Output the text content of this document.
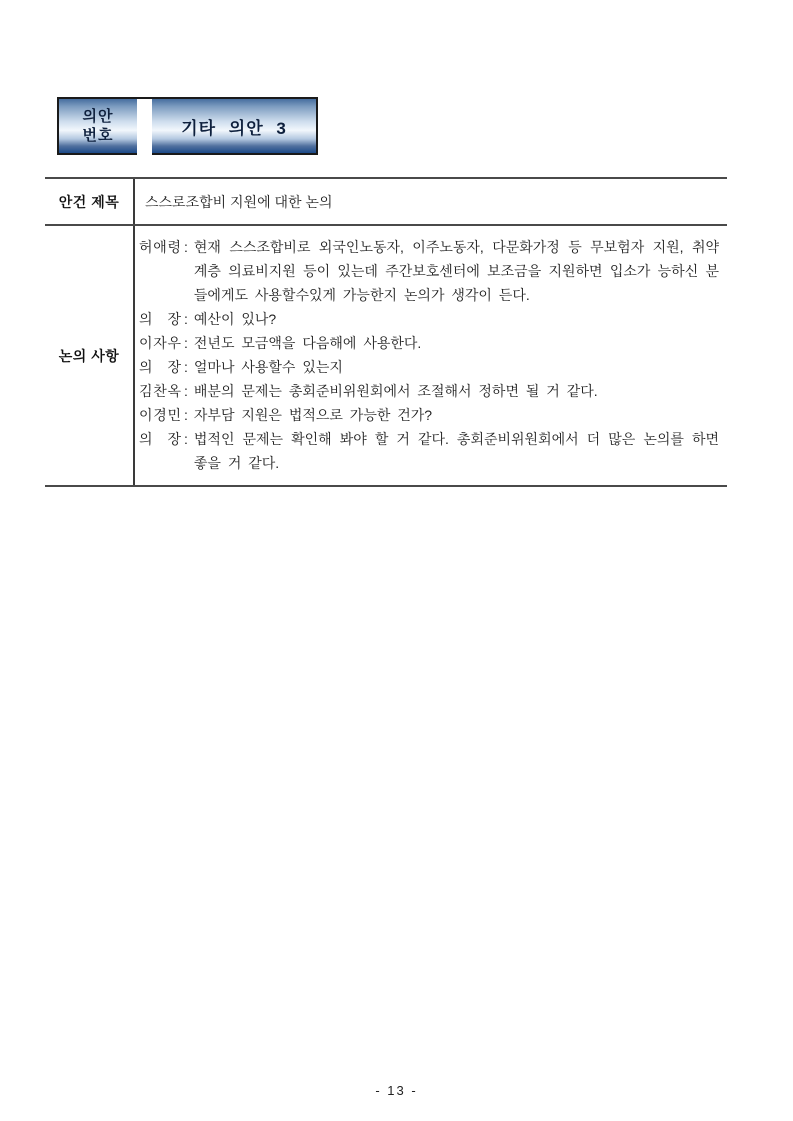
의안
번호	기타 의안 3
안건 제목	스스로조합비 지원에 대한 논의
논의 사항
허 애 령 : 현재 스스조합비로 외국인노동자, 이주노동자, 다문화가정 등 무보험자 지원, 취약계층 의료비지원 등이 있는데 주간보호센터에 보조금을 지원하면 입소가 능하신 분들에게도 사용할수있게 가능한지 논의가 생각이 든다.
의 장 : 예산이 있나?
이 자 우 : 전년도 모금액을 다음해에 사용한다.
의 장 : 얼마나 사용할수 있는지
김 찬 옥 : 배분의 문제는 총회준비위원회에서 조절해서 정하면 될 거 같다.
이 경 민 : 자부담 지원은 법적으로 가능한 건가?
의 장 : 법적인 문제는 확인해 봐야 할 거 같다. 총회준비위원회에서 더 많은 논의를 하면 좋을 거 같다.
- 13 -
